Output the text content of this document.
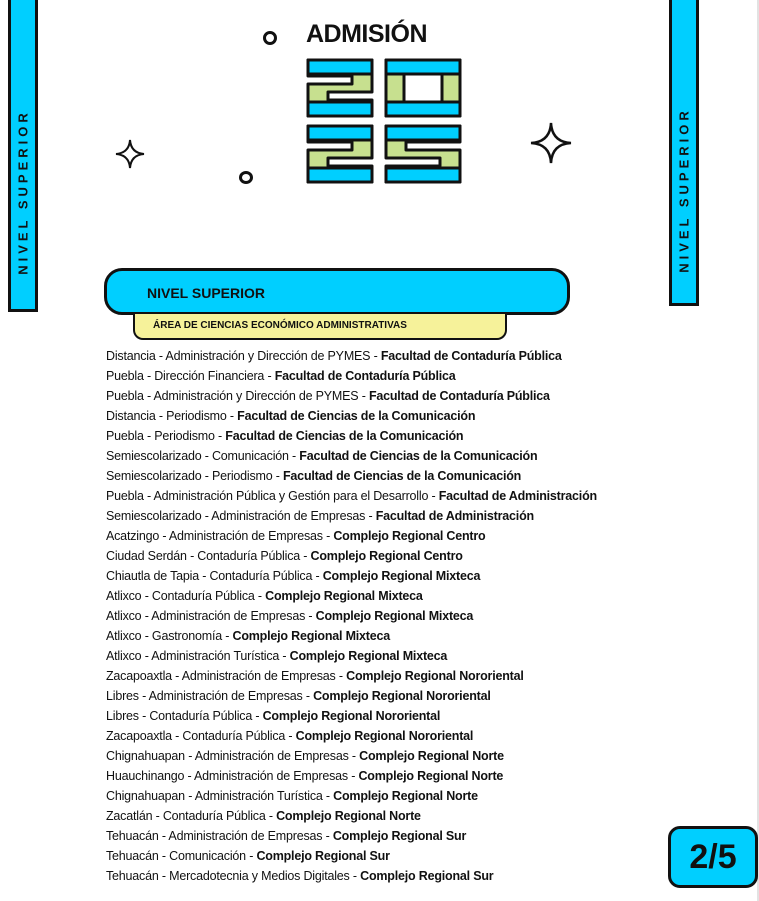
NIVEL SUPERIOR	NIVEL SUPERIOR
ADMISIÓN
NIVEL SUPERIOR
ÁREA DE CIENCIAS ECONÓMICO ADMINISTRATIVAS
Distancia - Administración y Dirección de PYMES - Facultad de Contaduría Pública
Puebla - Dirección Financiera - Facultad de Contaduría Pública
Puebla - Administración y Dirección de PYMES - Facultad de Contaduría Pública
Distancia - Periodismo - Facultad de Ciencias de la Comunicación
Puebla - Periodismo - Facultad de Ciencias de la Comunicación
Semiescolarizado - Comunicación - Facultad de Ciencias de la Comunicación
Semiescolarizado - Periodismo - Facultad de Ciencias de la Comunicación
Puebla - Administración Pública y Gestión para el Desarrollo - Facultad de Administración
Semiescolarizado - Administración de Empresas - Facultad de Administración
Acatzingo - Administración de Empresas - Complejo Regional Centro
Ciudad Serdán - Contaduría Pública - Complejo Regional Centro
Chiautla de Tapia - Contaduría Pública - Complejo Regional Mixteca
Atlixco - Contaduría Pública - Complejo Regional Mixteca
Atlixco - Administración de Empresas - Complejo Regional Mixteca
Atlixco - Gastronomía - Complejo Regional Mixteca
Atlixco - Administración Turística - Complejo Regional Mixteca
Zacapoaxtla - Administración de Empresas - Complejo Regional Nororiental
Libres - Administración de Empresas - Complejo Regional Nororiental
Libres - Contaduría Pública - Complejo Regional Nororiental
Zacapoaxtla - Contaduría Pública - Complejo Regional Nororiental
Chignahuapan - Administración de Empresas - Complejo Regional Norte
Huauchinango - Administración de Empresas - Complejo Regional Norte
Chignahuapan - Administración Turística - Complejo Regional Norte
Zacatlán - Contaduría Pública - Complejo Regional Norte
Tehuacán - Administración de Empresas - Complejo Regional Sur
Tehuacán - Comunicación - Complejo Regional Sur
Tehuacán - Mercadotecnia y Medios Digitales - Complejo Regional Sur	2/5
